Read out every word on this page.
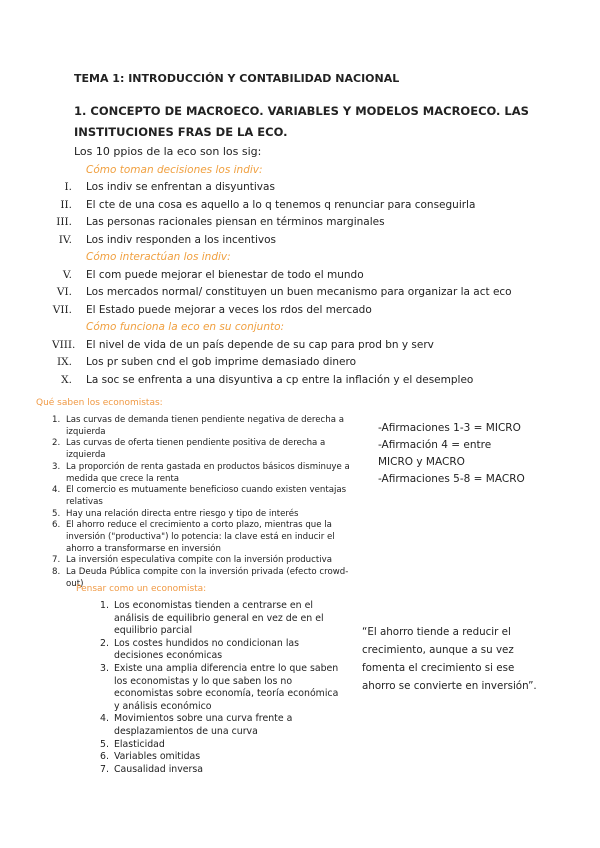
TEMA 1: INTRODUCCIÓN Y CONTABILIDAD NACIONAL
1. CONCEPTO DE MACROECO. VARIABLES Y MODELOS MACROECO. LAS INSTITUCIONES FRAS DE LA ECO.
Los 10 ppios de la eco son los sig:
Cómo toman decisiones los indiv:
I. Los indiv se enfrentan a disyuntivas
II. El cte de una cosa es aquello a lo q tenemos q renunciar para conseguirla
III. Las personas racionales piensan en términos marginales
IV. Los indiv responden a los incentivos
Cómo interactúan los indiv:
V. El com puede mejorar el bienestar de todo el mundo
VI. Los mercados normal/ constituyen un buen mecanismo para organizar la act eco
VII. El Estado puede mejorar a veces los rdos del mercado
Cómo funciona la eco en su conjunto:
VIII. El nivel de vida de un país depende de su cap para prod bn y serv
IX. Los pr suben cnd el gob imprime demasiado dinero
X. La soc se enfrenta a una disyuntiva a cp entre la inflación y el desempleo
Qué saben los economistas:
1. Las curvas de demanda tienen pendiente negativa de derecha a izquierda
2. Las curvas de oferta tienen pendiente positiva de derecha a izquierda
3. La proporción de renta gastada en productos básicos disminuye a medida que crece la renta
4. El comercio es mutuamente beneficioso cuando existen ventajas relativas
5. Hay una relación directa entre riesgo y tipo de interés
6. El ahorro reduce el crecimiento a corto plazo, mientras que la inversión ("productiva") lo potencia: la clave está en inducir el ahorro a transformarse en inversión
7. La inversión especulativa compite con la inversión productiva
8. La Deuda Pública compite con la inversión privada (efecto crowd-out)
-Afirmaciones 1-3 = MICRO
-Afirmación 4 = entre MICRO y MACRO
-Afirmaciones 5-8 = MACRO
Pensar como un economista:
1. Los economistas tienden a centrarse en el análisis de equilibrio general en vez de en el equilibrio parcial
2. Los costes hundidos no condicionan las decisiones económicas
3. Existe una amplia diferencia entre lo que saben los economistas y lo que saben los no economistas sobre economía, teoría económica y análisis económico
4. Movimientos sobre una curva frente a desplazamientos de una curva
5. Elasticidad
6. Variables omitidas
7. Causalidad inversa
“El ahorro tiende a reducir el crecimiento, aunque a su vez fomenta el crecimiento si ese ahorro se convierte en inversión”.
